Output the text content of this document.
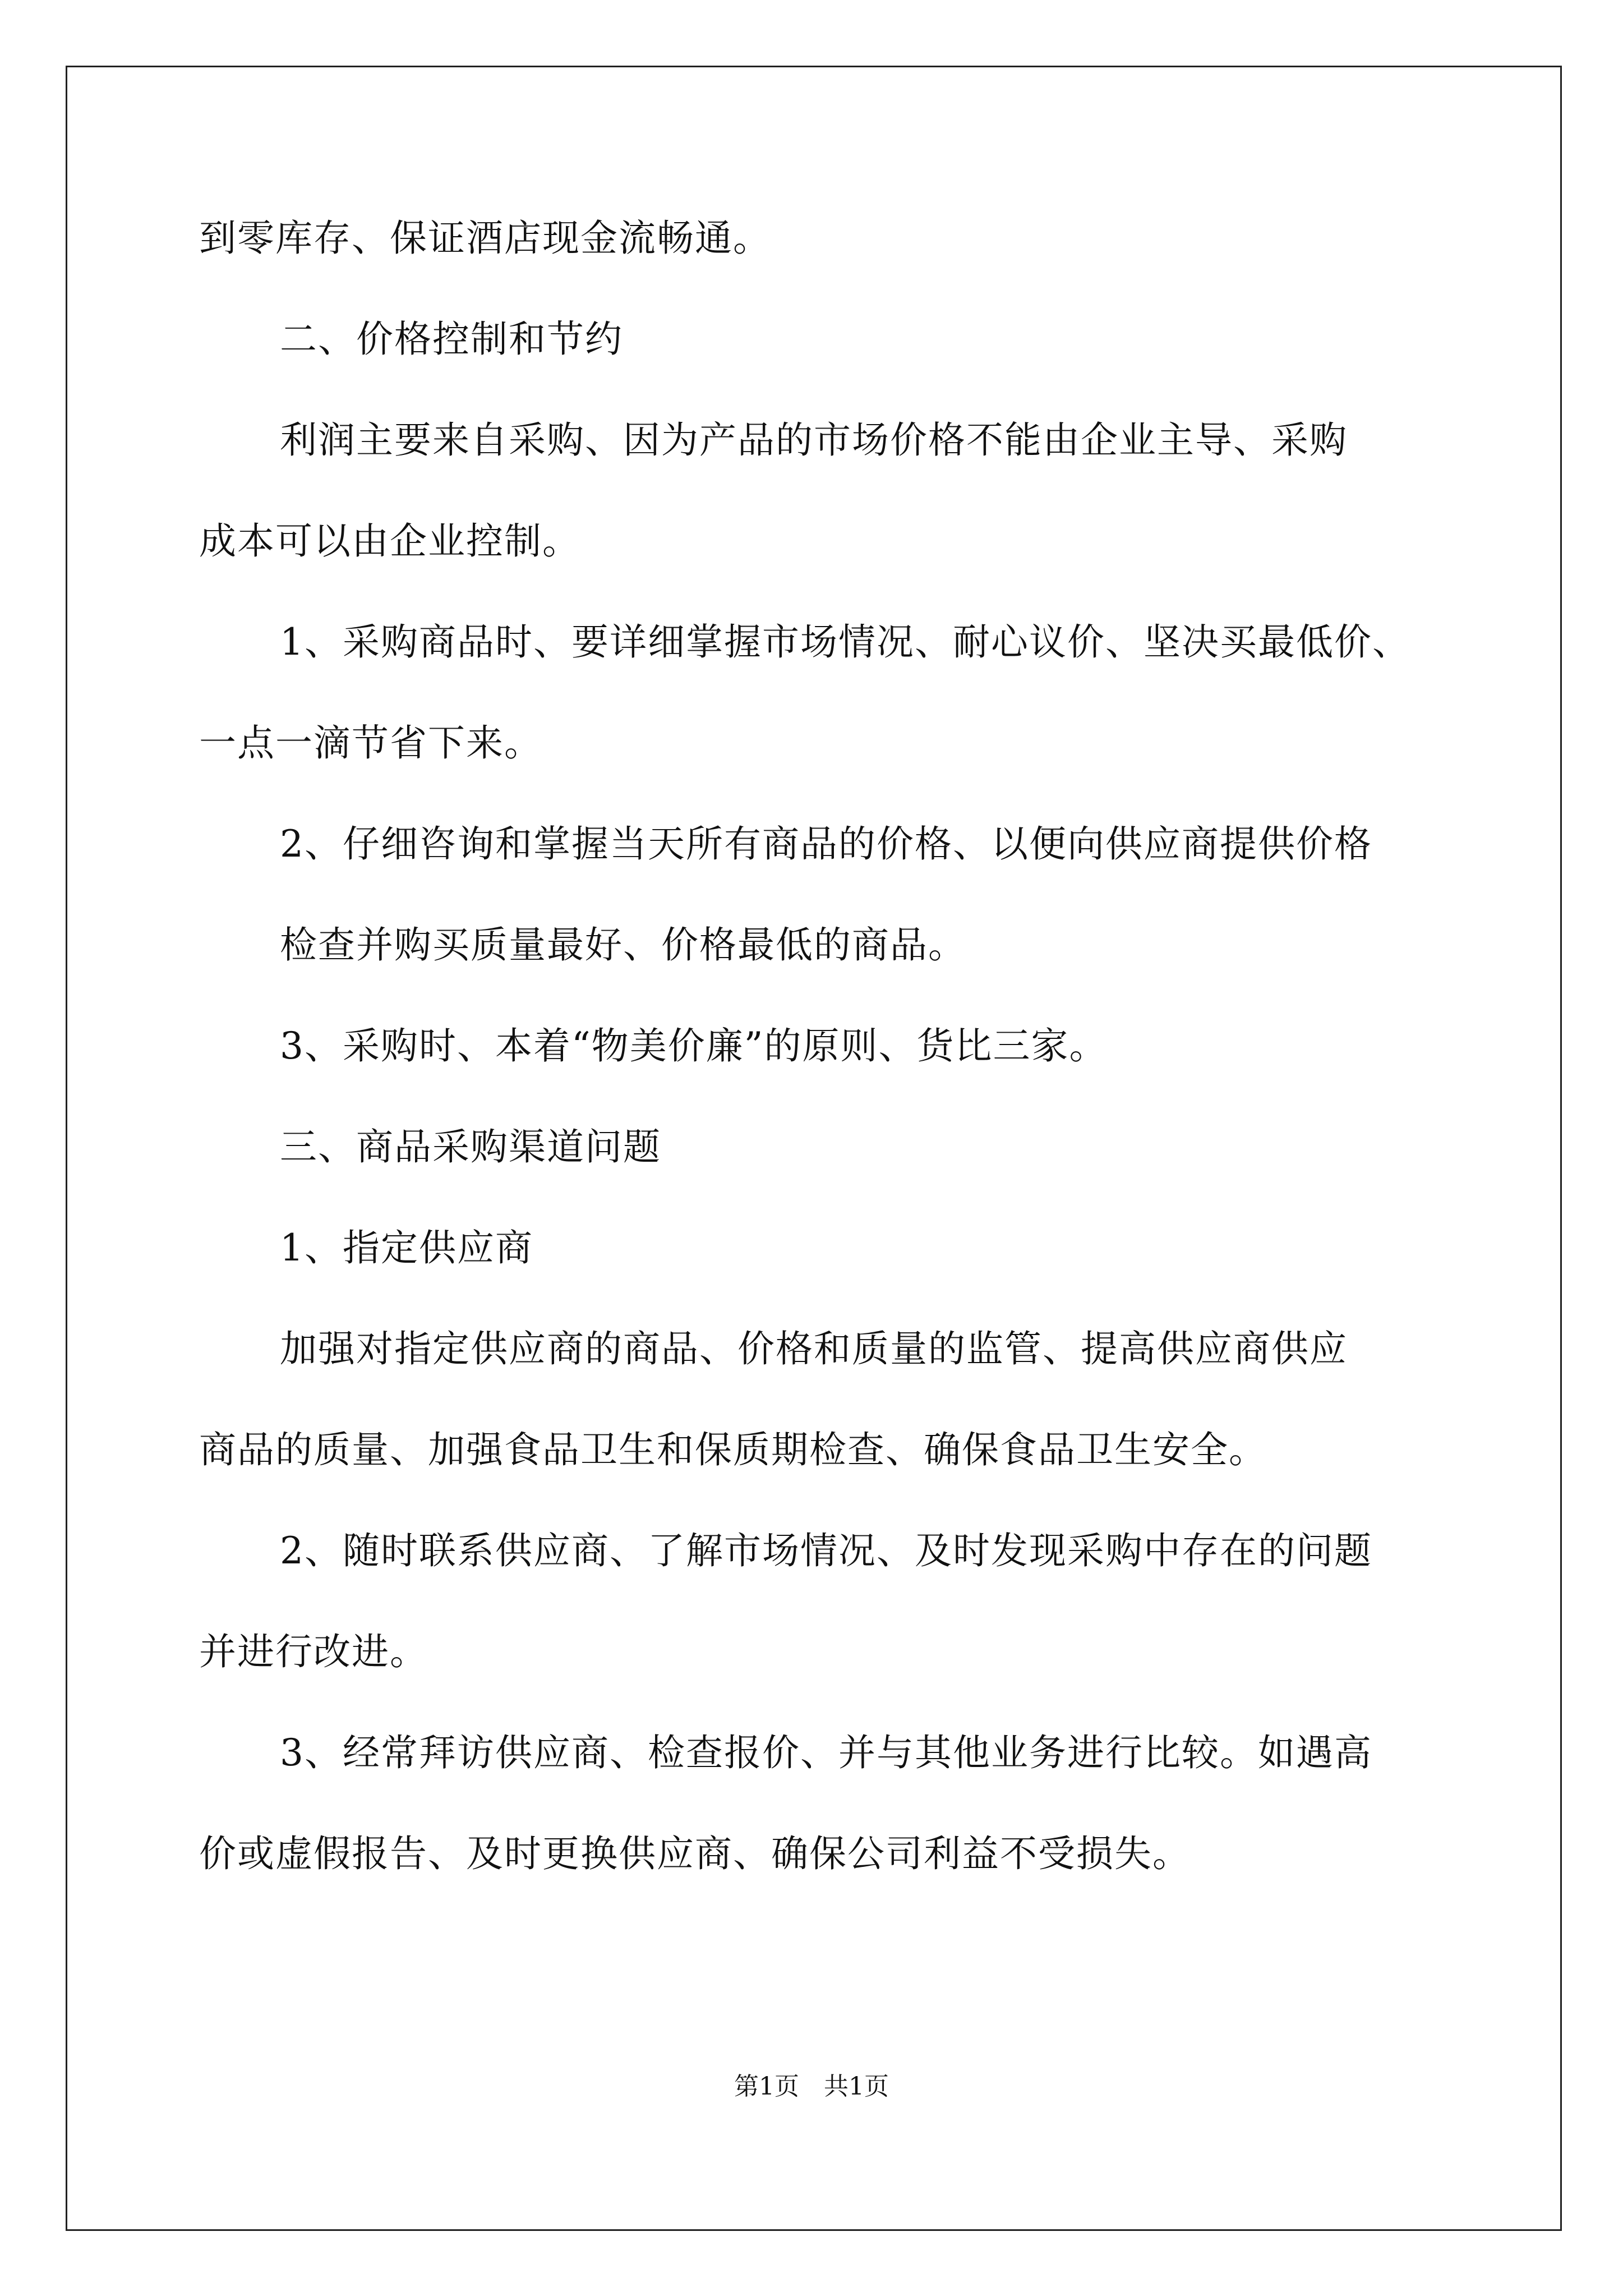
到零库存、保证酒店现金流畅通。
二、价格控制和节约
利润主要来自采购、因为产品的市场价格不能由企业主导、采购
成本可以由企业控制。
1、采购商品时、要详细掌握市场情况、耐心议价、坚决买最低价、
一点一滴节省下来。
2、仔细咨询和掌握当天所有商品的价格、以便向供应商提供价格
检查并购买质量最好、价格最低的商品。
3、采购时、本着“物美价廉”的原则、货比三家。
三、商品采购渠道问题
1、指定供应商
加强对指定供应商的商品、价格和质量的监管、提高供应商供应
商品的质量、加强食品卫生和保质期检查、确保食品卫生安全。
2、随时联系供应商、了解市场情况、及时发现采购中存在的问题
并进行改进。
3、经常拜访供应商、检查报价、并与其他业务进行比较。如遇高
价或虚假报告、及时更换供应商、确保公司利益不受损失。
第1页　共1页
